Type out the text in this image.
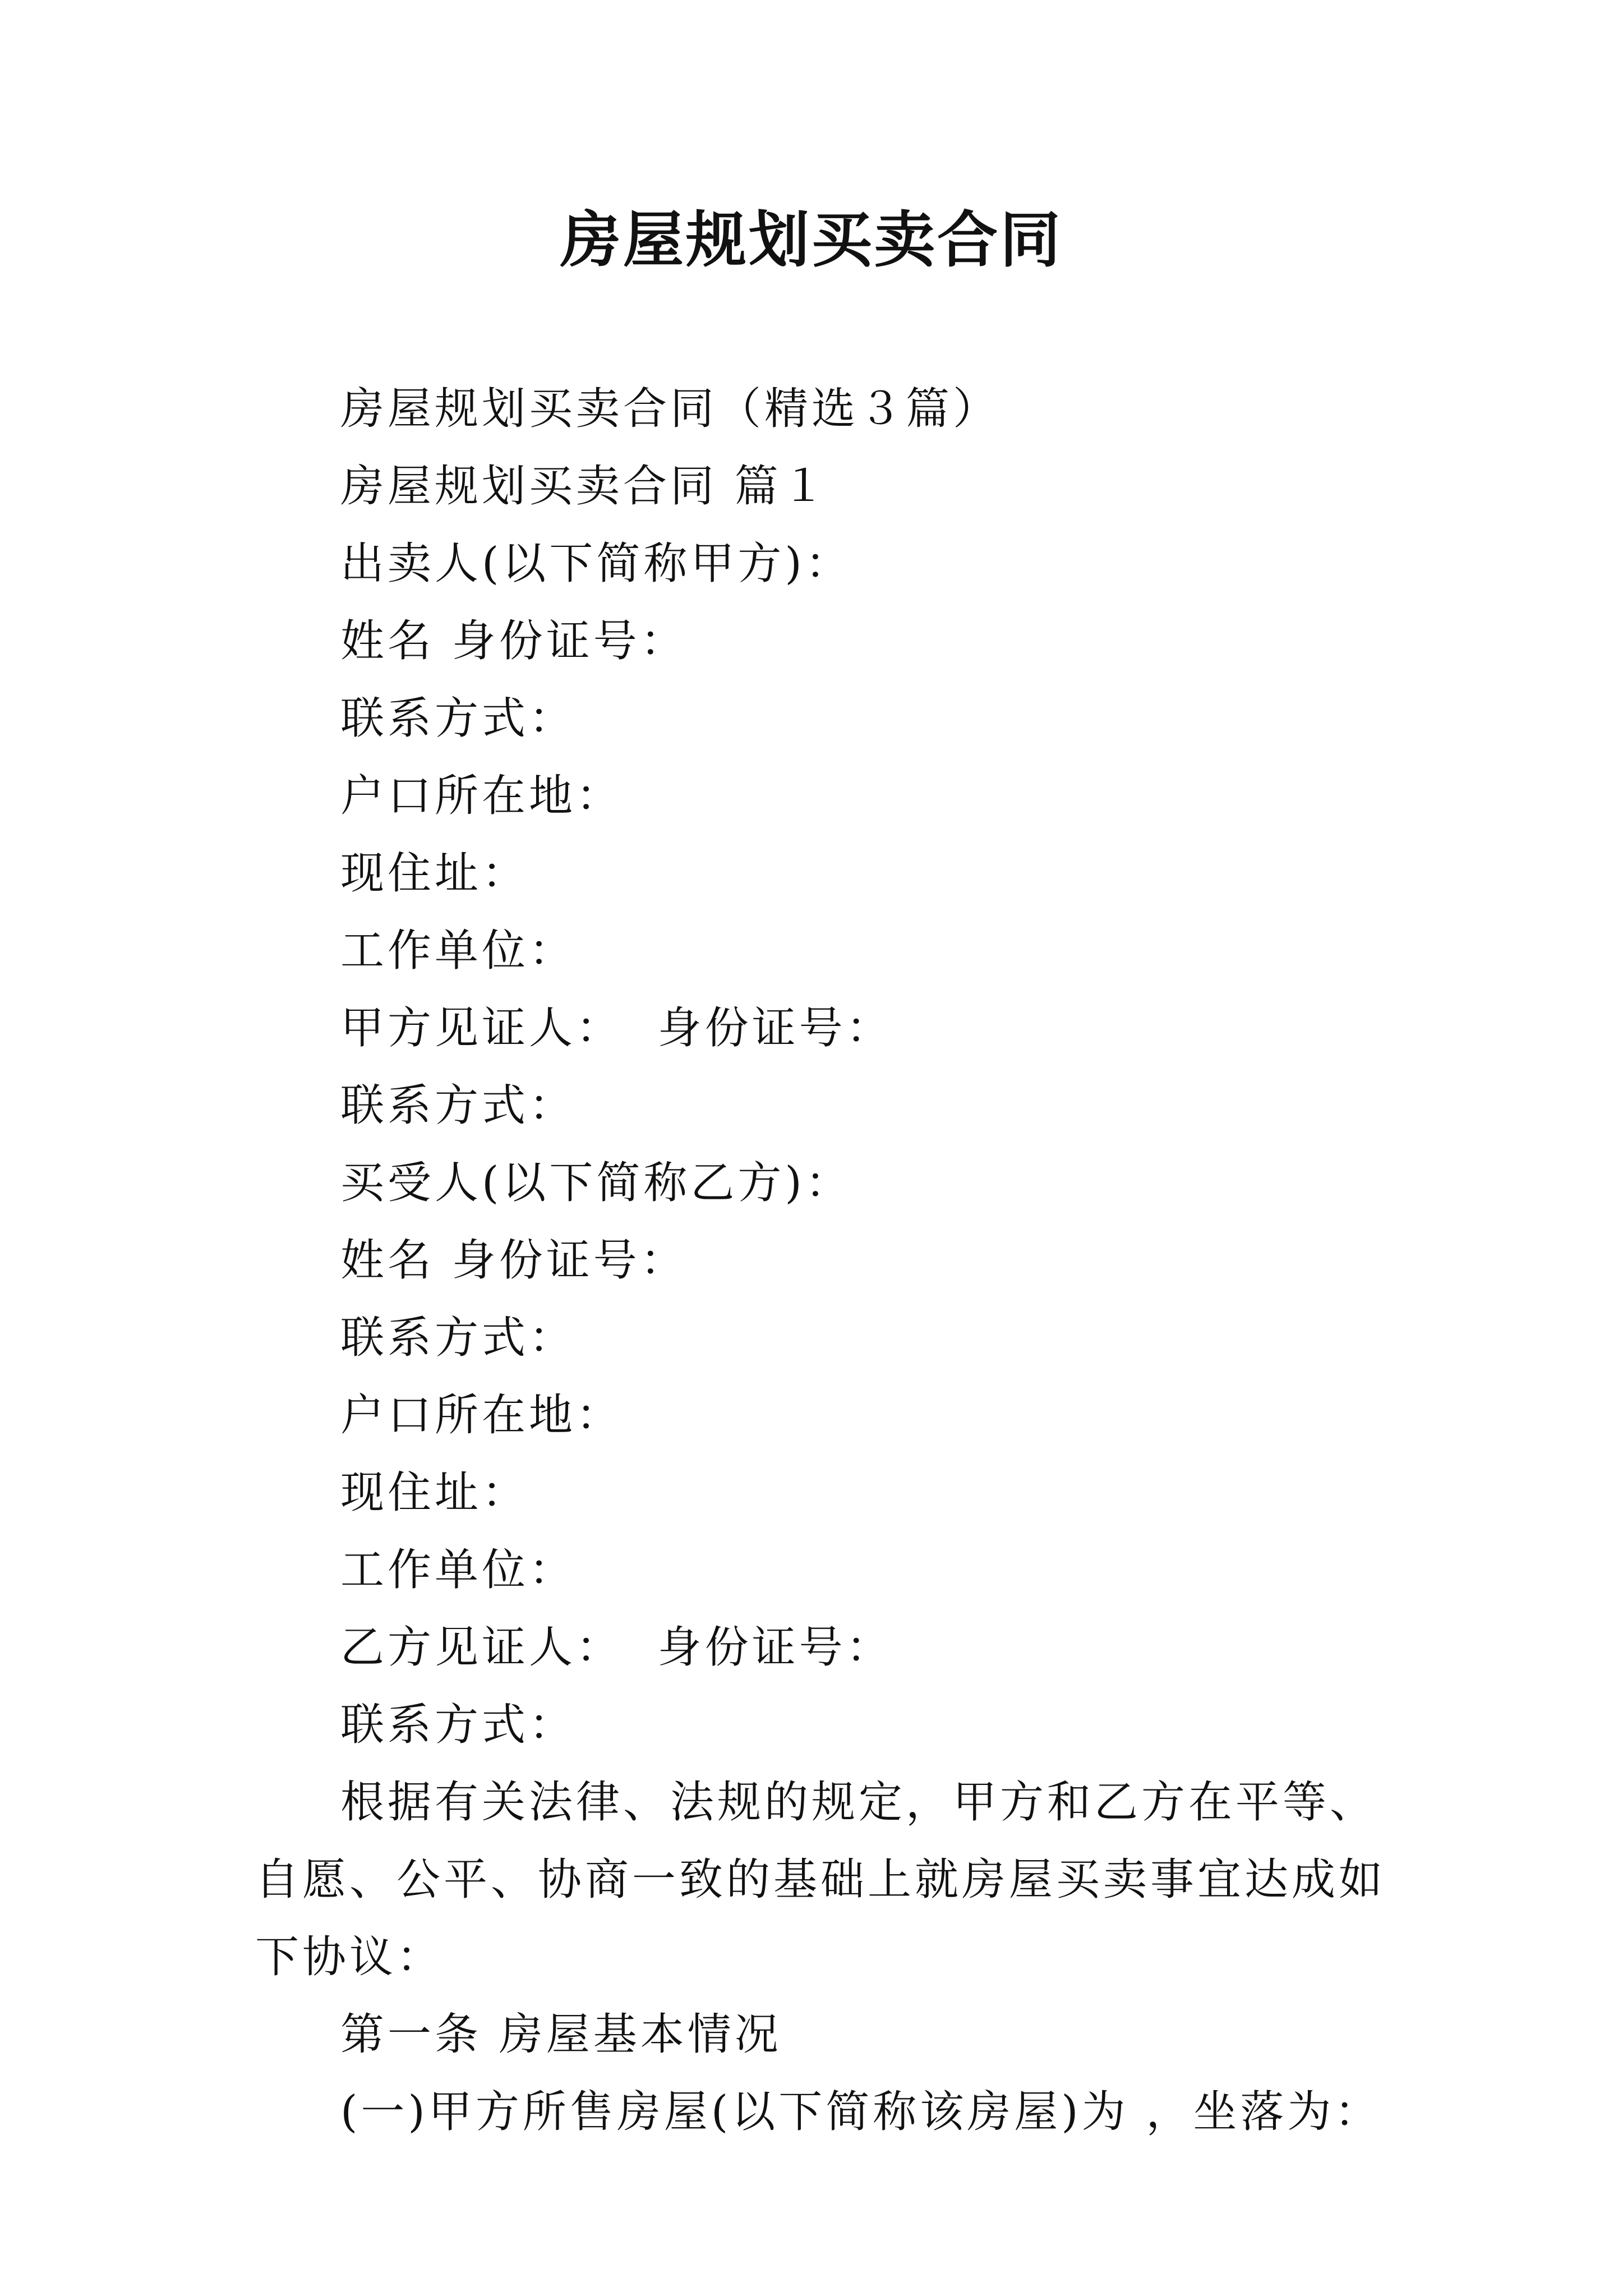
房屋规划买卖合同
房屋规划买卖合同（精选３篇）
房屋规划买卖合同 篇１
出卖人(以下简称甲方)：
姓名 身份证号：
联系方式：
户口所在地：
现住址：
工作单位：
甲方见证人：  身份证号：
联系方式：
买受人(以下简称乙方)：
姓名 身份证号：
联系方式：
户口所在地：
现住址：
工作单位：
乙方见证人：  身份证号：
联系方式：
根据有关法律、法规的规定，甲方和乙方在平等、自愿、公平、协商一致的基础上就房屋买卖事宜达成如下协议：
第一条 房屋基本情况
(一)甲方所售房屋(以下简称该房屋)为 ，坐落为：
